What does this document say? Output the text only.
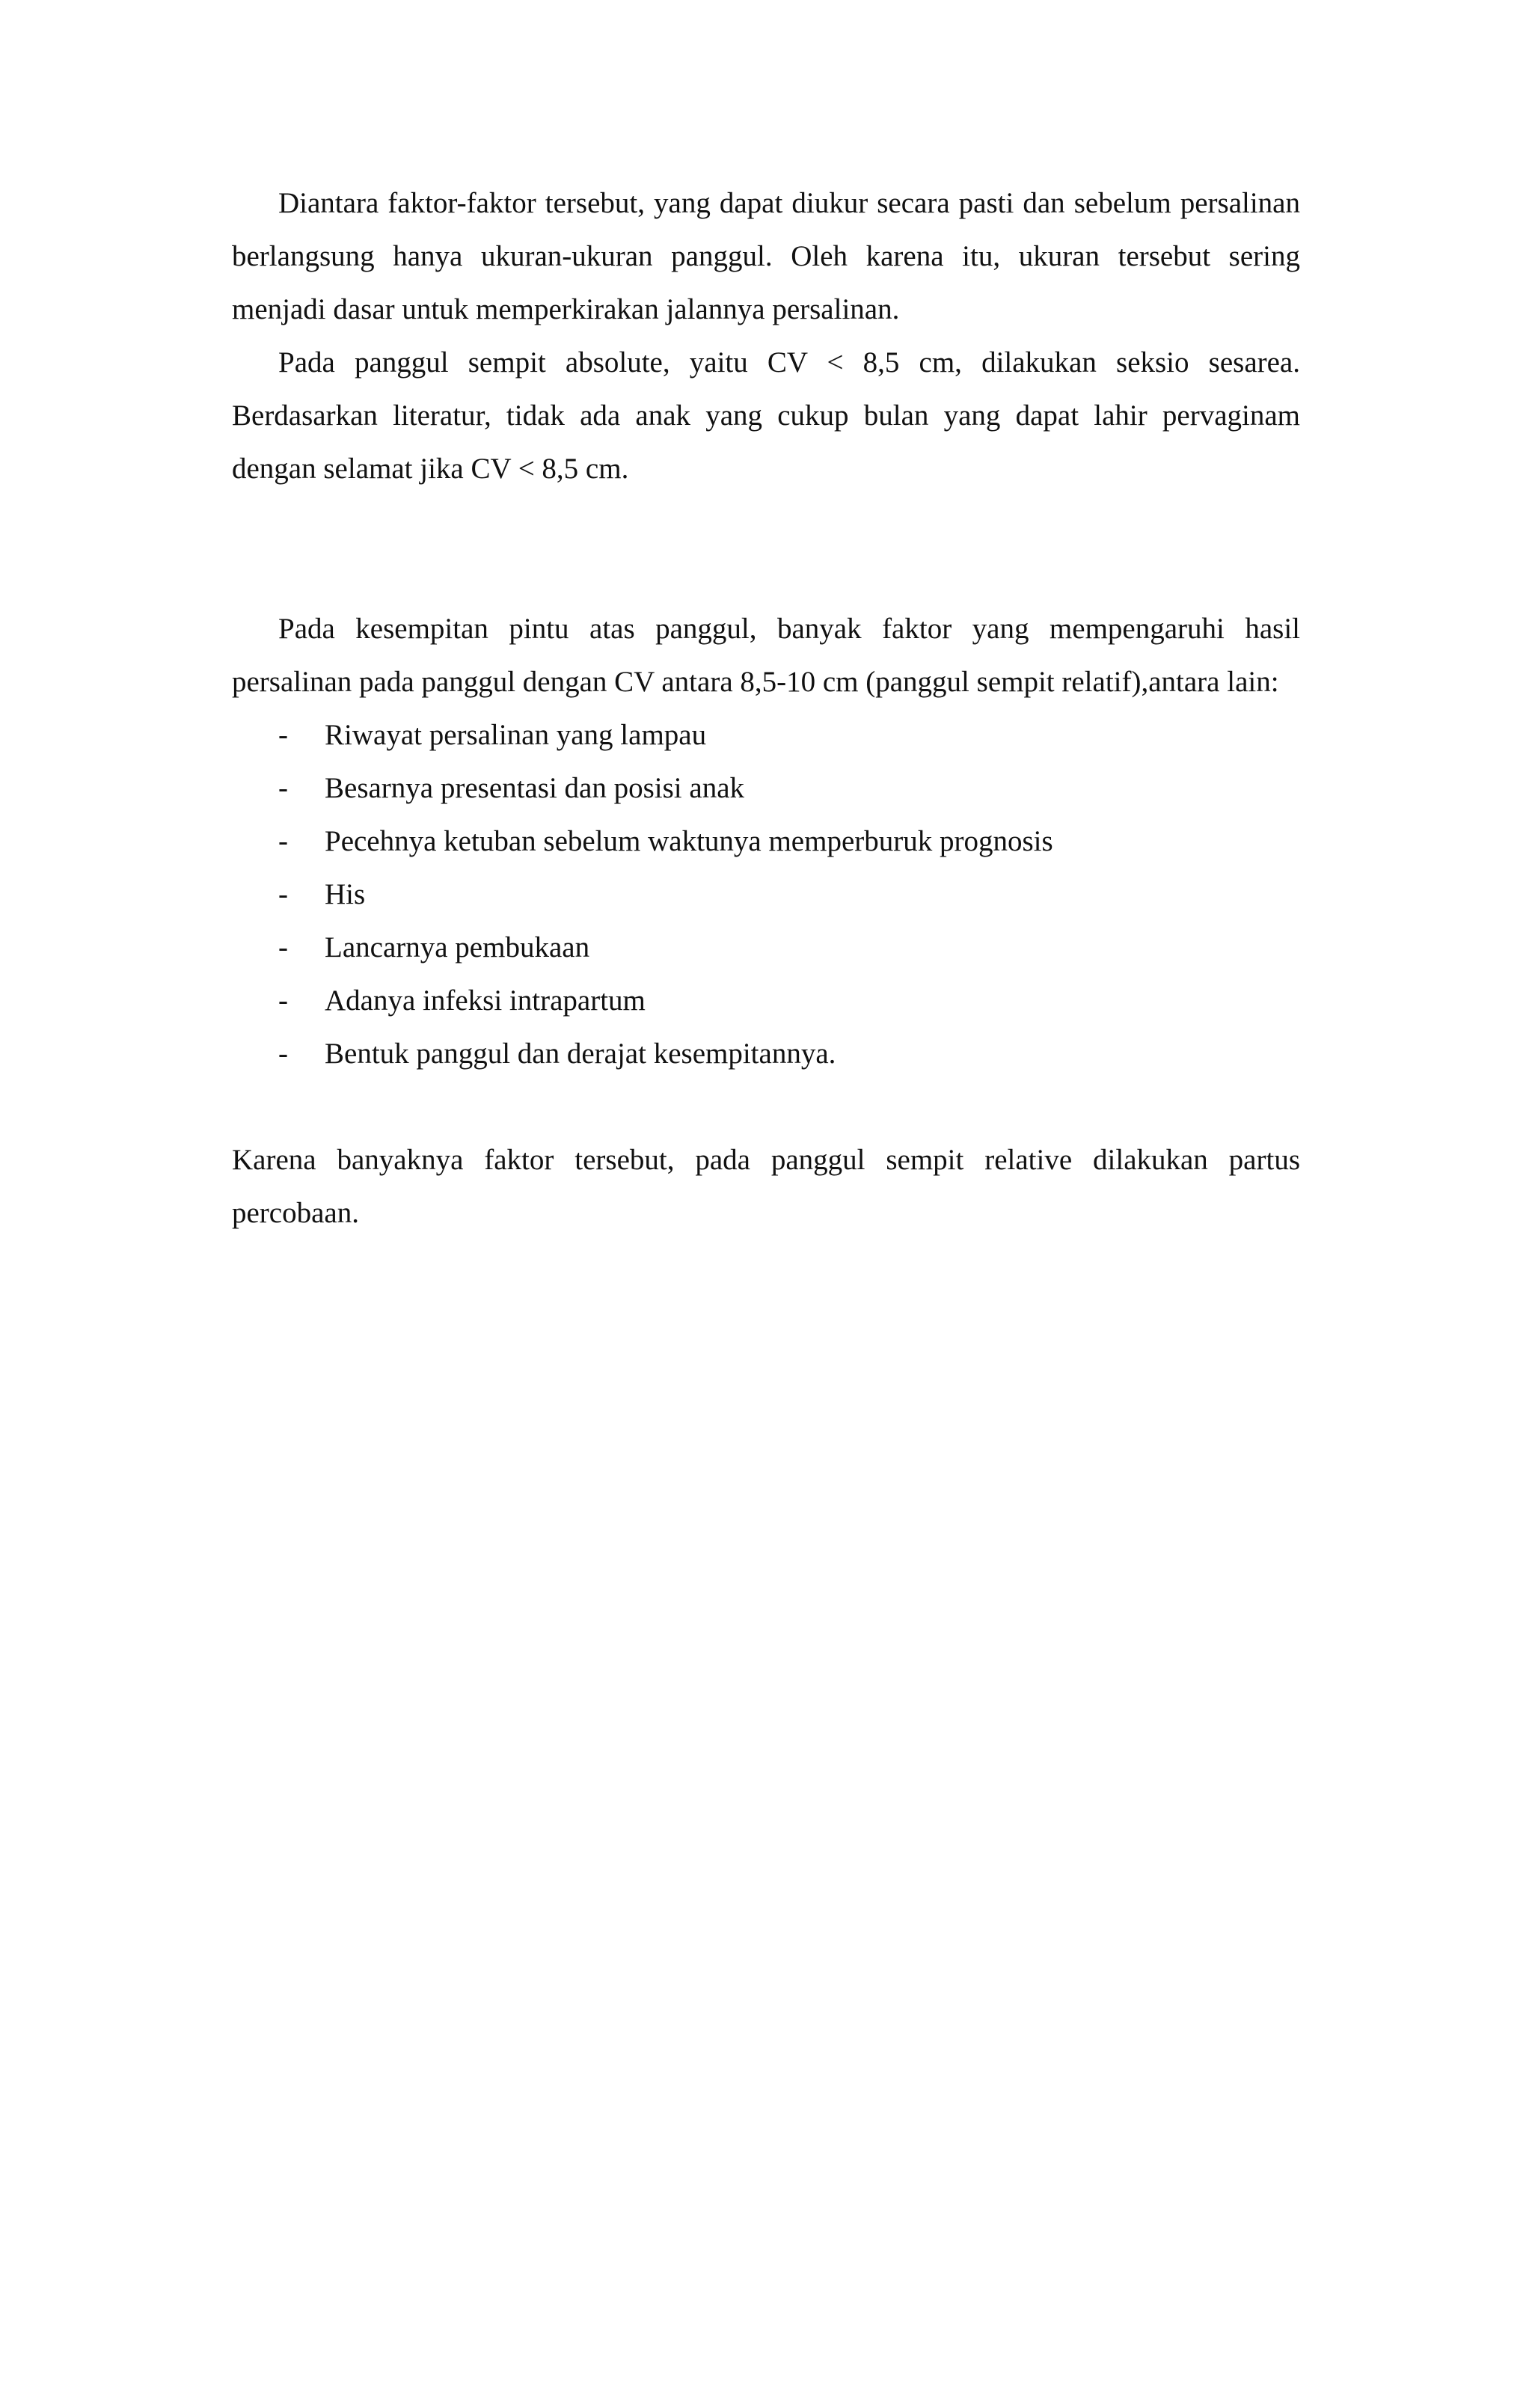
Diantara faktor-faktor tersebut, yang dapat diukur secara pasti dan sebelum persalinan berlangsung hanya ukuran-ukuran panggul. Oleh karena itu, ukuran tersebut sering menjadi dasar untuk memperkirakan jalannya persalinan.

Pada panggul sempit absolute, yaitu CV < 8,5 cm, dilakukan seksio sesarea. Berdasarkan literatur, tidak ada anak yang cukup bulan yang dapat lahir pervaginam dengan selamat jika CV < 8,5 cm.

Pada kesempitan pintu atas panggul, banyak faktor yang mempengaruhi hasil persalinan pada panggul dengan CV antara 8,5-10 cm (panggul sempit relatif),antara lain:

- Riwayat persalinan yang lampau
- Besarnya presentasi dan posisi anak
- Pecehnya ketuban sebelum waktunya memperburuk prognosis
- His
- Lancarnya pembukaan
- Adanya infeksi intrapartum
- Bentuk panggul dan derajat kesempitannya.

Karena banyaknya faktor tersebut, pada panggul sempit relative dilakukan partus percobaan.
